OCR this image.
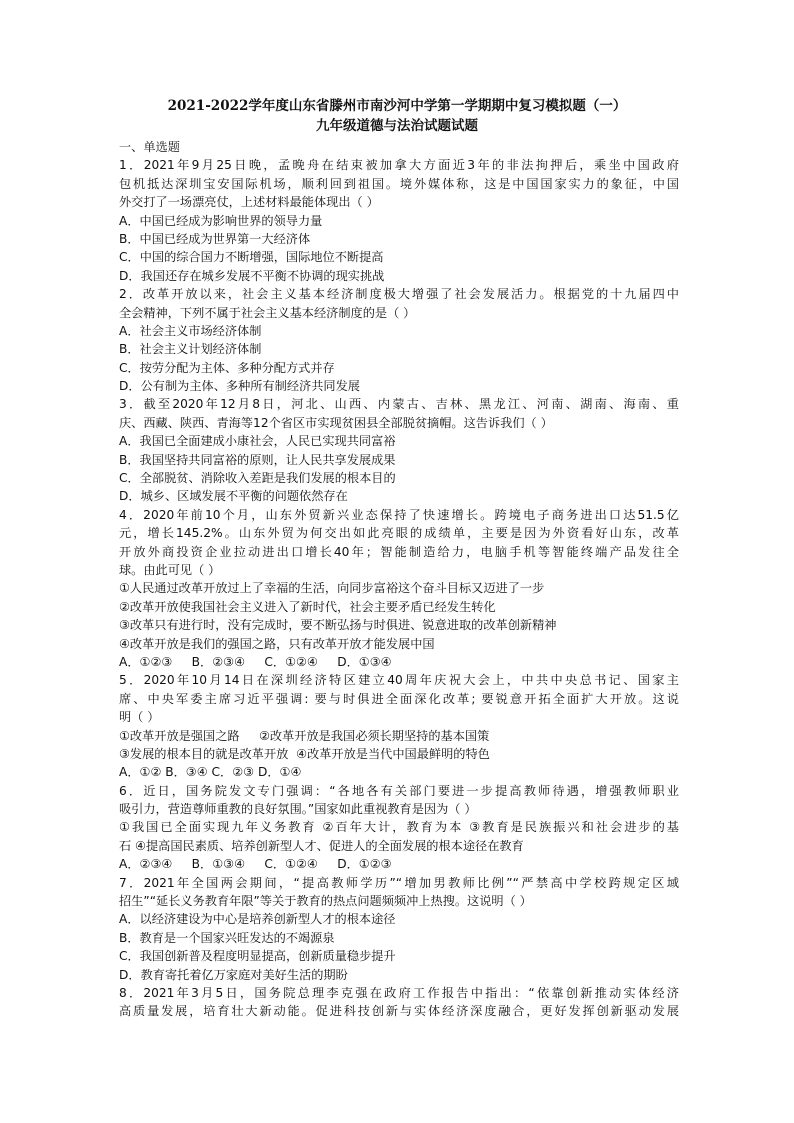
2021-2022学年度山东省滕州市南沙河中学第一学期期中复习模拟题（一）
九年级道德与法治试题试题
一、单选题
1．2021年9月25日晚，孟晚舟在结束被加拿大方面近3年的非法拘押后，乘坐中国政府
包机抵达深圳宝安国际机场，顺利回到祖国。境外媒体称，这是中国国家实力的象征，中国
外交打了一场漂亮仗，上述材料最能体现出（ ）
A．中国已经成为影响世界的领导力量
B．中国已经成为世界第一大经济体
C．中国的综合国力不断增强，国际地位不断提高
D．我国还存在城乡发展不平衡不协调的现实挑战
2．改革开放以来，社会主义基本经济制度极大增强了社会发展活力。根据党的十九届四中
全会精神，下列不属于社会主义基本经济制度的是（ ）
A．社会主义市场经济体制
B．社会主义计划经济体制
C．按劳分配为主体、多种分配方式并存
D．公有制为主体、多种所有制经济共同发展
3．截至2020年12月8日，河北、山西、内蒙古、吉林、黑龙江、河南、湖南、海南、重
庆、西藏、陕西、青海等12个省区市实现贫困县全部脱贫摘帽。这告诉我们（ ）
A．我国已全面建成小康社会，人民已实现共同富裕
B．我国坚持共同富裕的原则，让人民共享发展成果
C．全部脱贫、消除收入差距是我们发展的根本目的
D．城乡、区域发展不平衡的问题依然存在
4．2020年前10个月，山东外贸新兴业态保持了快速增长。跨境电子商务进出口达51.5亿
元，增长145.2%。山东外贸为何交出如此亮眼的成绩单，主要是因为外资看好山东，改革
开放外商投资企业拉动进出口增长40年；智能制造给力，电脑手机等智能终端产品发往全
球。由此可见（ ）
①人民通过改革开放过上了幸福的生活，向同步富裕这个奋斗目标又迈进了一步
②改革开放使我国社会主义进入了新时代，社会主要矛盾已经发生转化
③改革只有进行时，没有完成时，要不断弘扬与时俱进、锐意进取的改革创新精神
④改革开放是我们的强国之路，只有改革开放才能发展中国
A．①②③     B．②③④     C．①②④     D．①③④
5．2020年10月14日在深圳经济特区建立40周年庆祝大会上，中共中央总书记、国家主
席、中央军委主席习近平强调: 要与时俱进全面深化改革; 要锐意开拓全面扩大开放。这说
明（ ）
①改革开放是强国之路     ②改革开放是我国必须长期坚持的基本国策
③发展的根本目的就是改革开放  ④改革开放是当代中国最鲜明的特色
A．①② B．③④ C．②③ D．①④
6．近日，国务院发文专门强调：“各地各有关部门要进一步提高教师待遇，增强教师职业
吸引力，营造尊师重教的良好氛围。”国家如此重视教育是因为（ ）
①我国已全面实现九年义务教育 ②百年大计，教育为本 ③教育是民族振兴和社会进步的基
石 ④提高国民素质、培养创新型人才、促进人的全面发展的根本途径在教育
A．②③④     B．①③④     C．①②④     D．①②③
7．2021年全国两会期间，“提高教师学历”“增加男教师比例”“严禁高中学校跨规定区域
招生”“延长义务教育年限”等关于教育的热点问题频频冲上热搜。这说明（ ）
A．以经济建设为中心是培养创新型人才的根本途径
B．教育是一个国家兴旺发达的不竭源泉
C．我国创新普及程度明显提高，创新质量稳步提升
D．教育寄托着亿万家庭对美好生活的期盼
8．2021年3月5日，国务院总理李克强在政府工作报告中指出：“依靠创新推动实体经济
高质量发展，培育壮大新动能。促进科技创新与实体经济深度融合，更好发挥创新驱动发展
